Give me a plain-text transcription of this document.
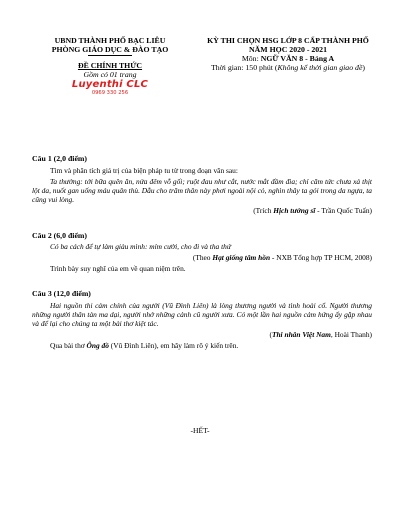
UBND THÀNH PHỐ BẠC LIÊU
PHÒNG GIÁO DỤC & ĐÀO TẠO
ĐỀ CHÍNH THỨC
Gồm có 01 trang
Luyenthi CLC
0969 330 256
KỲ THI CHỌN HSG LỚP 8 CẤP THÀNH PHỐ
NĂM HỌC 2020 - 2021
Môn: NGỮ VĂN 8 - Bảng A
Thời gian: 150 phút (Không kể thời gian giao đề)
Câu 1 (2,0 điểm)
Tìm và phân tích giá trị của biện pháp tu từ trong đoạn văn sau:
Ta thường: tới bữa quên ăn, nửa đêm vỗ gối; ruột đau như cắt, nước mắt đầm đìa; chỉ căm tức chưa xả thịt lột da, nuốt gan uống máu quân thù. Dẫu cho trăm thân này phơi ngoài nội cỏ, nghìn thây ta gói trong da ngựa, ta cũng vui lòng.
(Trích Hịch tướng sĩ - Trần Quốc Tuấn)
Câu 2 (6,0 điểm)
Có ba cách để tự làm giàu mình: mỉm cười, cho đi và tha thứ
(Theo Hạt giống tâm hồn - NXB Tổng hợp TP HCM, 2008)
Trình bày suy nghĩ của em về quan niệm trên.
Câu 3 (12,0 điểm)
Hai nguồn thi cảm chính của người (Vũ Đình Liên) là lòng thương người và tình hoài cổ. Người thương những người thân tàn ma dại, người nhớ những cảnh cũ người xưa. Có một lần hai nguồn cảm hứng ấy gặp nhau và để lại cho chúng ta một bài thơ kiệt tác.
(Thi nhân Việt Nam, Hoài Thanh)
Qua bài thơ Ông đồ (Vũ Đình Liên), em hãy làm rõ ý kiến trên.
-HẾT-
